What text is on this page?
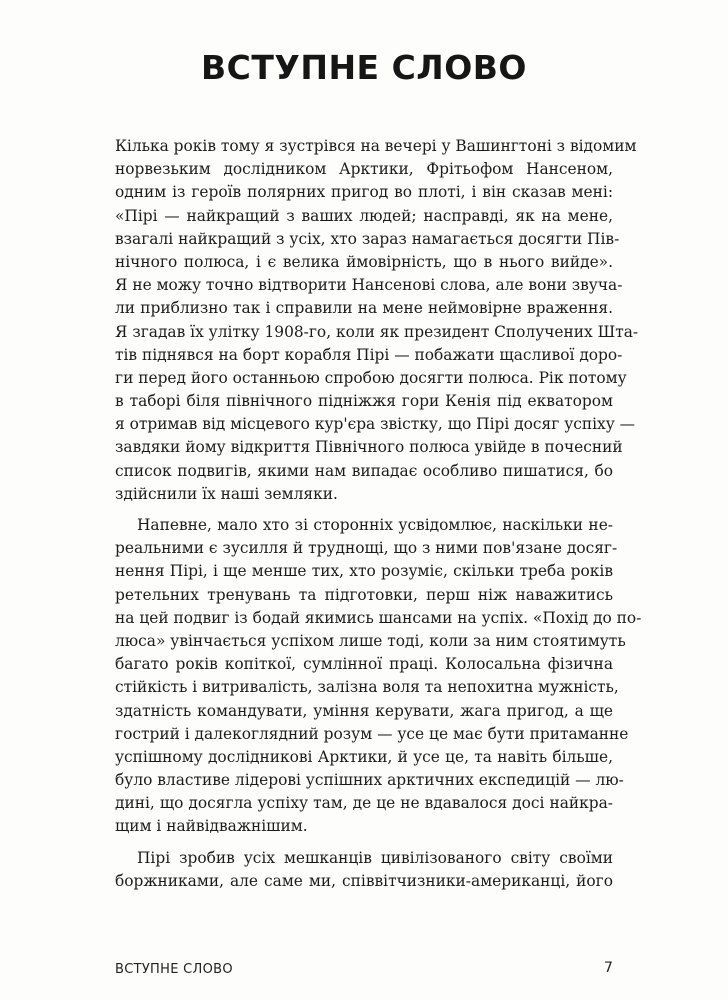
ВСТУПНЕ СЛОВО
Кілька років тому я зустрівся на вечері у Вашингтоні з відомим
норвезьким дослідником Арктики, Фрітьофом Нансеном,
одним із героїв полярних пригод во плоті, і він сказав мені:
«Пірі — найкращий з ваших людей; насправді, як на мене,
взагалі найкращий з усіх, хто зараз намагається досягти Пів-
нічного полюса, і є велика ймовірність, що в нього вийде».
Я не можу точно відтворити Нансенові слова, але вони звуча-
ли приблизно так і справили на мене неймовірне враження.
Я згадав їх улітку 1908-го, коли як президент Сполучених Шта-
тів піднявся на борт корабля Пірі — побажати щасливої доро-
ги перед його останньою спробою досягти полюса. Рік потому
в таборі біля північного підніжжя гори Кенія під екватором
я отримав від місцевого кур'єра звістку, що Пірі досяг успіху —
завдяки йому відкриття Північного полюса увійде в почесний
список подвигів, якими нам випадає особливо пишатися, бо
здійснили їх наші земляки.
Напевне, мало хто зі сторонніх усвідомлює, наскільки не-
реальними є зусилля й труднощі, що з ними пов'язане досяг-
нення Пірі, і ще менше тих, хто розуміє, скільки треба років
ретельних тренувань та підготовки, перш ніж наважитись
на цей подвиг із бодай якимись шансами на успіх. «Похід до по-
люса» увінчається успіхом лише тоді, коли за ним стоятимуть
багато років копіткої, сумлінної праці. Колосальна фізична
стійкість і витривалість, залізна воля та непохитна мужність,
здатність командувати, уміння керувати, жага пригод, а ще
гострий і далекоглядний розум — усе це має бути притаманне
успішному дослідникові Арктики, й усе це, та навіть більше,
було властиве лідерові успішних арктичних експедицій — лю-
дині, що досягла успіху там, де це не вдавалося досі найкра-
щим і найвідважнішим.
Пірі зробив усіх мешканців цивілізованого світу своїми
боржниками, але саме ми, співвітчизники-американці, його
ВСТУПНЕ СЛОВО	7
